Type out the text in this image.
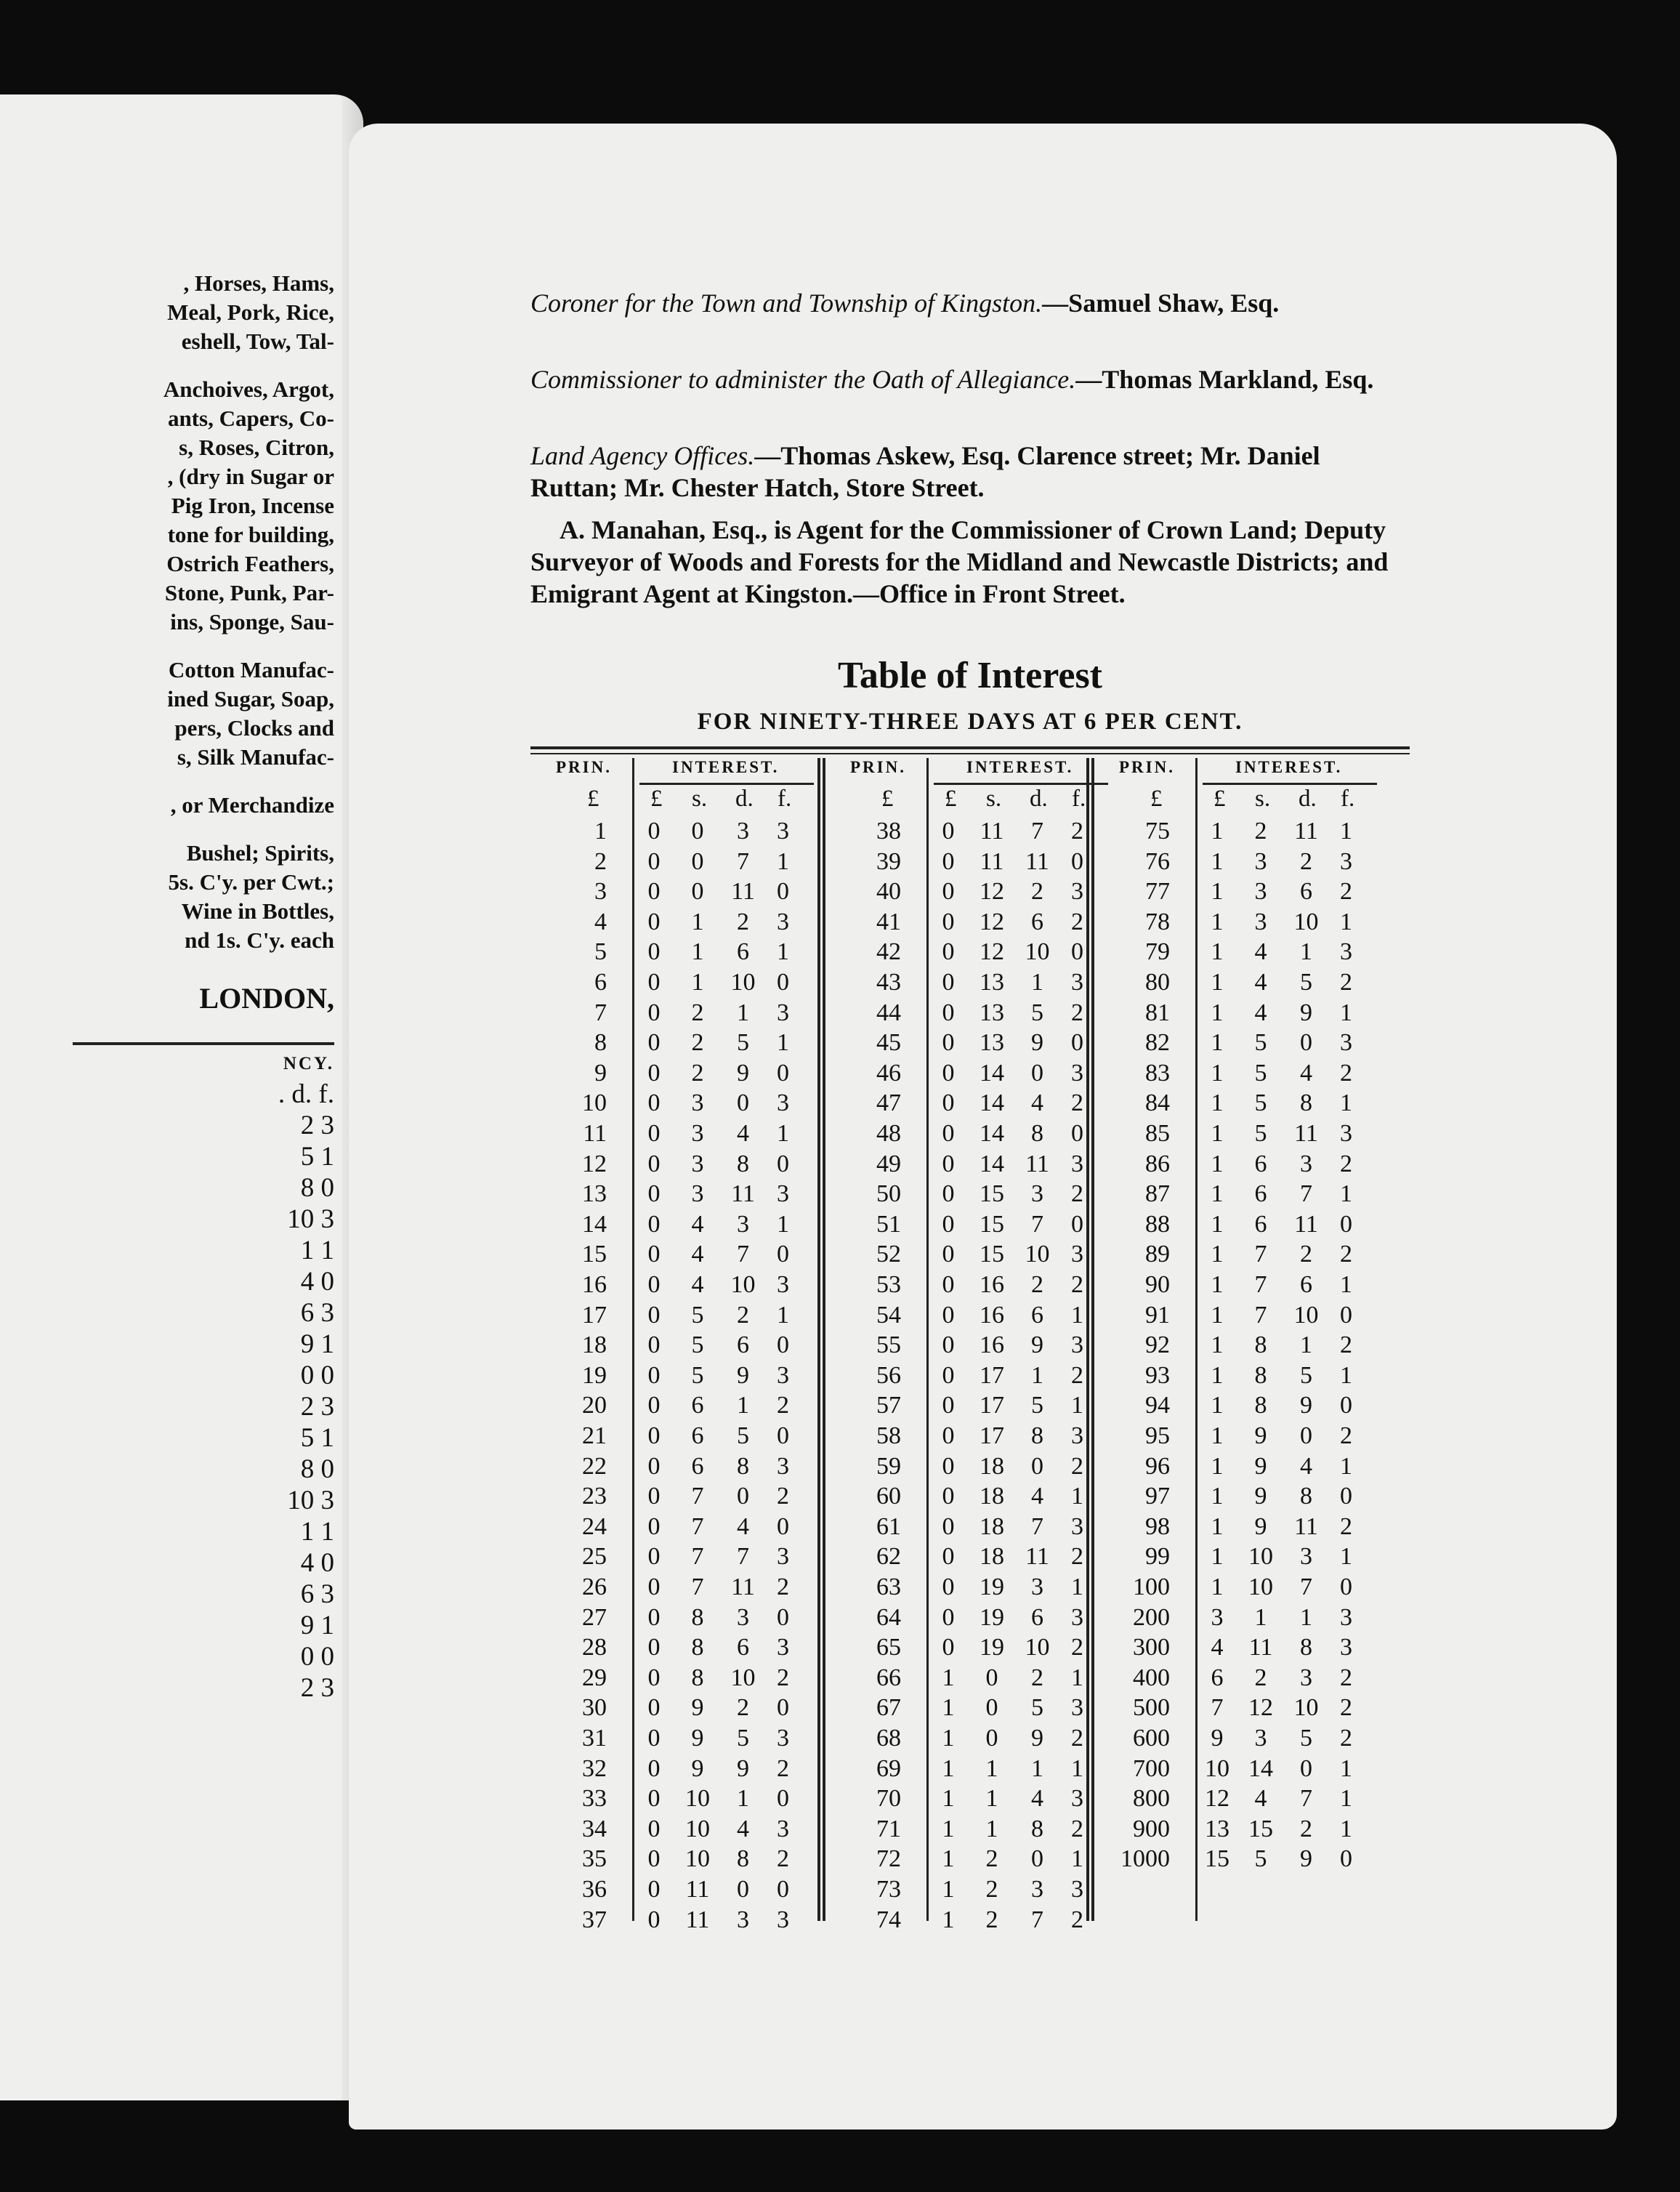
, Horses, Hams,
Meal, Pork, Rice,
eshell, Tow, Tal-
Anchoives, Argot,
ants, Capers, Co-
s, Roses, Citron,
, (dry in Sugar or
Pig Iron, Incense
tone for building,
Ostrich Feathers,
Stone, Punk, Par-
ins, Sponge, Sau-
Cotton Manufac-
ined Sugar, Soap,
pers, Clocks and
s, Silk Manufac-
, or Merchandize
Bushel; Spirits,
5s. C'y. per Cwt.;
Wine in Bottles,
nd 1s. C'y. each
LONDON,
NCY.
. d. f.
2 3
5 1
8 0
10 3
1 1
4 0
6 3
9 1
0 0
2 3
5 1
8 0
10 3
1 1
4 0
6 3
9 1
0 0
2 3
Coroner for the Town and Township of Kingston.—Samuel Shaw, Esq.
Commissioner to administer the Oath of Allegiance.—Thomas Markland, Esq.
Land Agency Offices.—Thomas Askew, Esq. Clarence street; Mr. Daniel Ruttan; Mr. Chester Hatch, Store Street.
A. Manahan, Esq., is Agent for the Commissioner of Crown Land; Deputy Surveyor of Woods and Forests for the Midland and Newcastle Districts; and Emigrant Agent at Kingston.—Office in Front Street.
Table of Interest
FOR NINETY-THREE DAYS AT 6 PER CENT.
PRIN.	INTEREST.
£ £ s. d. f.
1	0	0	3	3
2	0	0	7	1
3	0	0	11 0
4	0	1	2	3
5	0	1	6	1
6	0	1	10 0
7	0	2	1	3
8	0	2	5	1
9	0	2	9	0
10	0	3	0	3
11	0	3	4	1
12	0	3	8	0
13	0	3	11 3
14	0	4	3	1
15	0	4	7	0
16	0	4	10 3
17	0	5	2	1
18	0	5	6	0
19	0	5	9	3
20	0	6	1	2
21	0	6	5	0
22	0	6	8	3
23	0	7	0	2
24	0	7	4	0
25	0	7	7	3
26	0	7	11 2
27	0	8	3	0
28	0	8	6	3
29	0	8	10 2
30	0	9	2	0
31	0	9	5	3
32	0	9	9	2
33	0	10	1	0
34	0	10	4	3
35	0	10	8	2
36	0	11	0	0
37	0	11	3	3
PRIN.	INTEREST.
£ £ s. d. f.
38	0	11	7	2
39	0	11 11 0
40	0	12	2	3
41	0	12	6	2
42	0	12 10 0
43	0	13	1	3
44	0	13	5	2
45	0	13	9	0
46	0	14	0	3
47	0	14	4	2
48	0	14	8	0
49	0	14 11 3
50	0	15	3	2
51	0	15	7	0
52	0	15 10 3
53	0	16	2	2
54	0	16	6	1
55	0	16	9	3
56	0	17	1	2
57	0	17	5	1
58	0	17	8	3
59	0	18	0	2
60	0	18	4	1
61	0	18	7	3
62	0	18 11 2
63	0	19	3	1
64	0	19	6	3
65	0	19 10 2
66	1	0	2	1
67	1	0	5	3
68	1	0	9	2
69	1	1	1	1
70	1	1	4	3
71	1	1	8	2
72	1	2	0	1
73	1	2	3	3
74	1	2	7	2
PRIN.	INTEREST.
£ £ s. d. f.
75	1	2	11 1
76	1	3	2	3
77	1	3	6	2
78	1	3	10 1
79	1	4	1	3
80	1	4	5	2
81	1	4	9	1
82	1	5	0	3
83	1	5	4	2
84	1	5	8	1
85	1	5	11 3
86	1	6	3	2
87	1	6	7	1
88	1	6	11 0
89	1	7	2	2
90	1	7	6	1
91	1	7	10 0
92	1	8	1	2
93	1	8	5	1
94	1	8	9	0
95	1	9	0	2
96	1	9	4	1
97	1	9	8	0
98	1	9	11 2
99	1	10	3	1
100	1	10	7	0
200	3	1	1	3
300	4	11	8	3
400	6	2	3	2
500	7	12 10 2
600	9	3	5	2
700 10 14	0	1
800 12	4	7	1
900 13 15	2	1
1000 15	5	9	0
